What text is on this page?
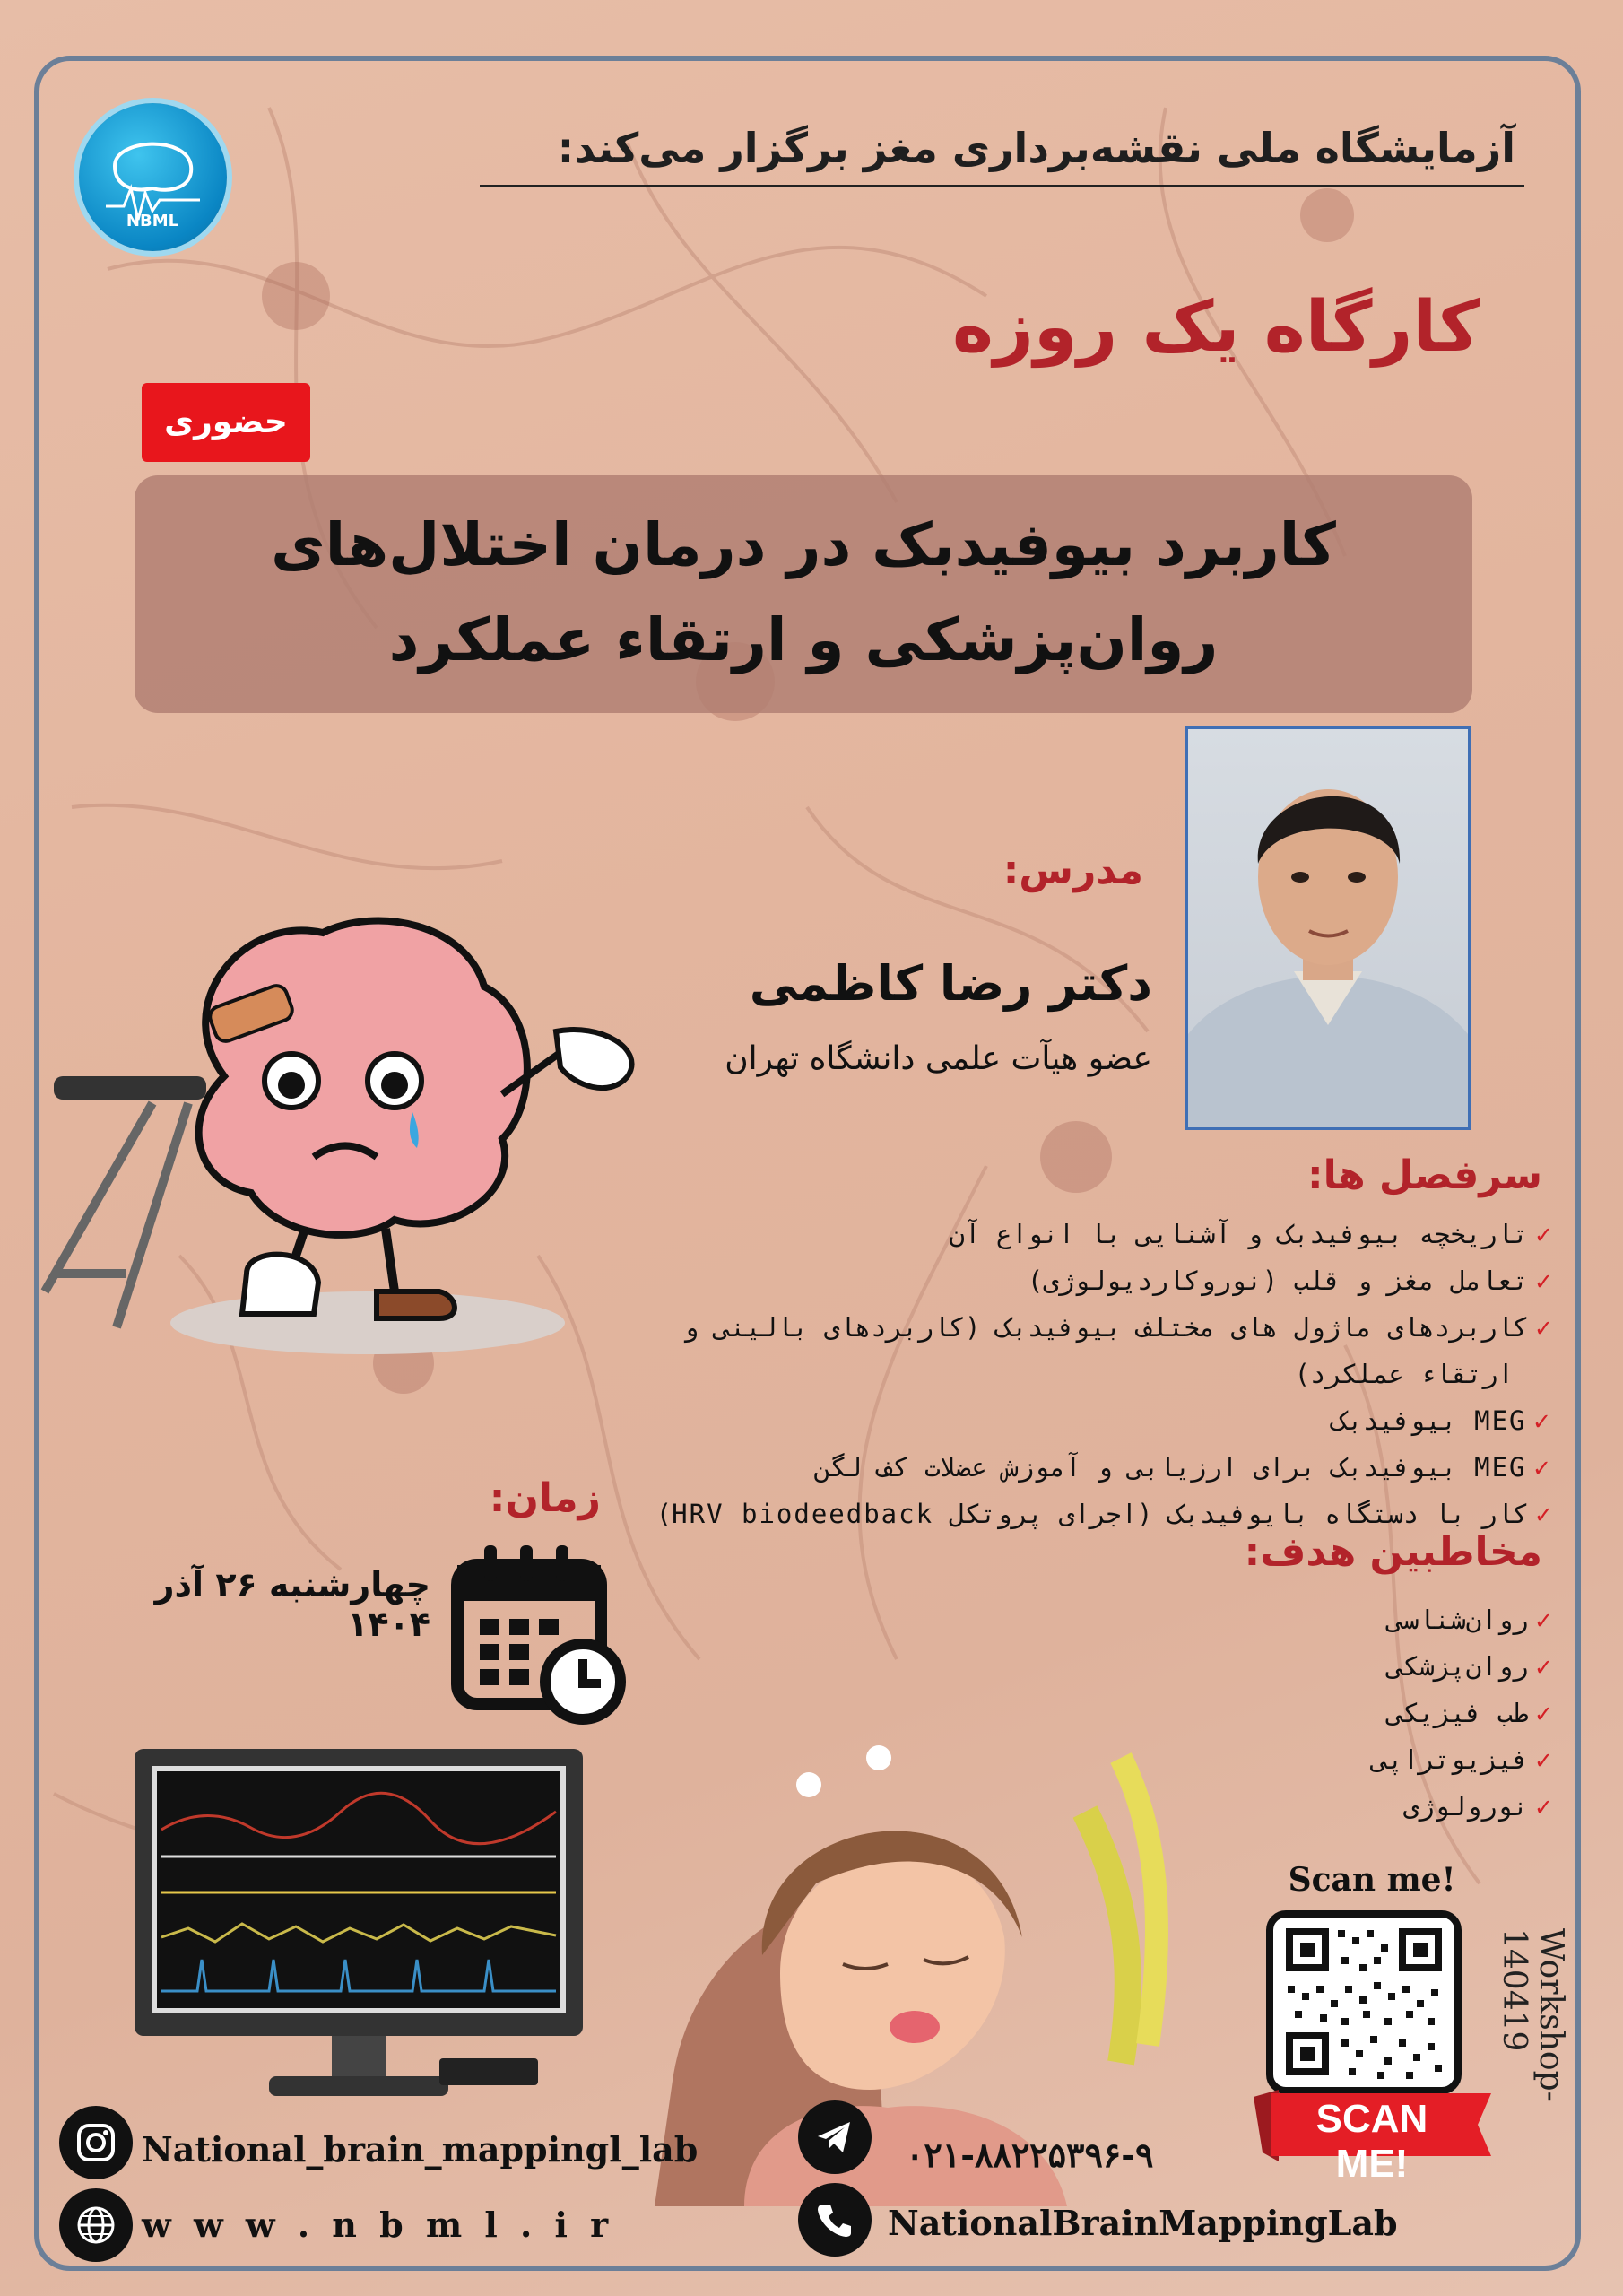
NBML
آزمایشگاه ملی نقشه‌برداری مغز برگزار می‌کند:
کارگاه یک روزه
حضوری
کاربرد بیوفیدبک در درمان اختلال‌های
روان‌پزشکی و ارتقاء عملکرد
مدرس:
دکتر رضا کاظمی
عضو هیآت علمی دانشگاه تهران
سرفصل ها:
✓تاریخچه بیوفیدبک و آشنایی با انواع آن
✓تعامل مغز و قلب (نوروکاردیولوژی)
✓کاربردهای ماژول های مختلف بیوفیدبک (کاربردهای بالینی و
ارتقاء عملکرد)
✓MEG بیوفیدبک
✓MEG بیوفیدبک برای ارزیابی و آموزش عضلات کف لگن
✓کار با دستگاه بایوفیدبک (اجرای پروتکل HRV biodeedback)
مخاطبین هدف:
✓روان‌شناسی
✓روان‌پزشکی
✓طب فیزیکی
✓فیزیوتراپی
✓نورولوژی
زمان:
چهارشنبه ۲۶ آذر ۱۴۰۴
Scan me!
SCAN ME!
Workshop-140419
National_brain_mappingl_lab
w w w . n b m l . i r
۰۲۱-۸۸۲۲۵۳۹۶-۹
NationalBrainMappingLab
